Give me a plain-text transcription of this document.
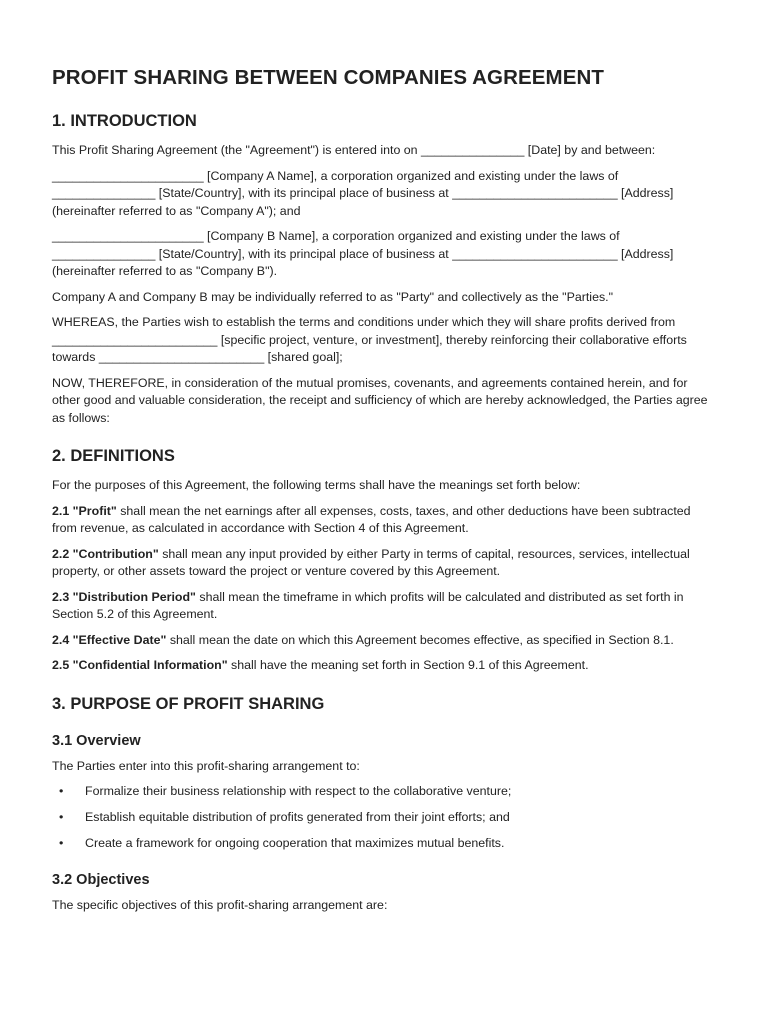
PROFIT SHARING BETWEEN COMPANIES AGREEMENT
1. INTRODUCTION

This Profit Sharing Agreement (the "Agreement") is entered into on _______________ [Date] by and between:

______________________ [Company A Name], a corporation organized and existing under the laws of _______________ [State/Country], with its principal place of business at ________________________ [Address] (hereinafter referred to as "Company A"); and

______________________ [Company B Name], a corporation organized and existing under the laws of _______________ [State/Country], with its principal place of business at ________________________ [Address] (hereinafter referred to as "Company B").

Company A and Company B may be individually referred to as "Party" and collectively as the "Parties."

WHEREAS, the Parties wish to establish the terms and conditions under which they will share profits derived from ________________________ [specific project, venture, or investment], thereby reinforcing their collaborative efforts towards ________________________ [shared goal];

NOW, THEREFORE, in consideration of the mutual promises, covenants, and agreements contained herein, and for other good and valuable consideration, the receipt and sufficiency of which are hereby acknowledged, the Parties agree as follows:

2. DEFINITIONS

For the purposes of this Agreement, the following terms shall have the meanings set forth below:

2.1 "Profit" shall mean the net earnings after all expenses, costs, taxes, and other deductions have been subtracted from revenue, as calculated in accordance with Section 4 of this Agreement.

2.2 "Contribution" shall mean any input provided by either Party in terms of capital, resources, services, intellectual property, or other assets toward the project or venture covered by this Agreement.

2.3 "Distribution Period" shall mean the timeframe in which profits will be calculated and distributed as set forth in Section 5.2 of this Agreement.

2.4 "Effective Date" shall mean the date on which this Agreement becomes effective, as specified in Section 8.1.

2.5 "Confidential Information" shall have the meaning set forth in Section 9.1 of this Agreement.

3. PURPOSE OF PROFIT SHARING
3.1 Overview

The Parties enter into this profit-sharing arrangement to:

• Formalize their business relationship with respect to the collaborative venture;
• Establish equitable distribution of profits generated from their joint efforts; and
• Create a framework for ongoing cooperation that maximizes mutual benefits.
3.2 Objectives

The specific objectives of this profit-sharing arrangement are:
